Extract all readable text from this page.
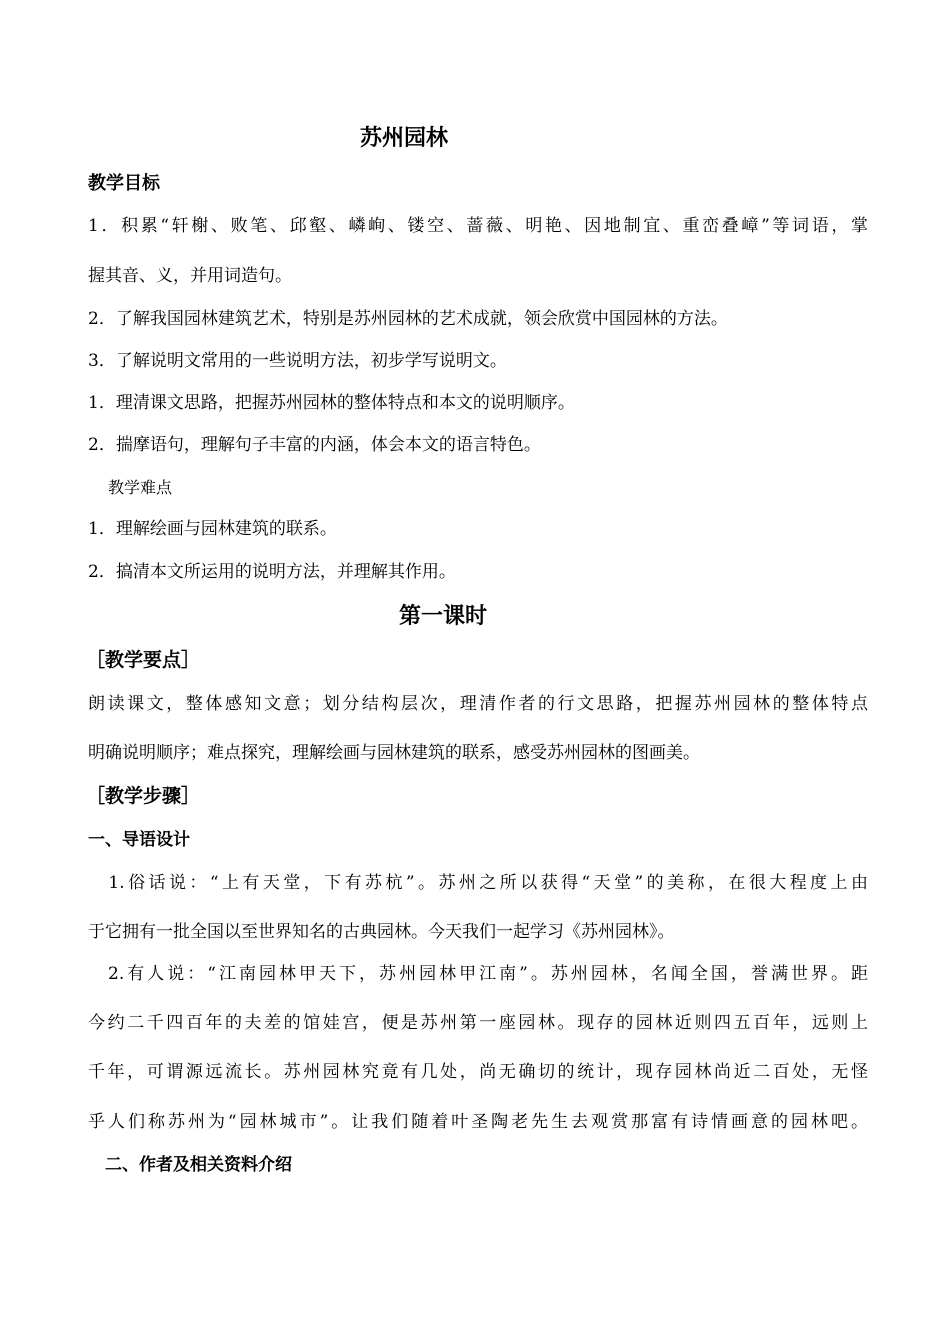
苏州园林
教学目标
1．积累“轩榭、败笔、邱壑、嶙峋、镂空、蔷薇、明艳、因地制宜、重峦叠嶂”等词语，掌
握其音、义，并用词造句。
2．了解我国园林建筑艺术，特别是苏州园林的艺术成就，领会欣赏中国园林的方法。
3．了解说明文常用的一些说明方法，初步学写说明文。
1．理清课文思路，把握苏州园林的整体特点和本文的说明顺序。
2．揣摩语句，理解句子丰富的内涵，体会本文的语言特色。
教学难点
1．理解绘画与园林建筑的联系。
2．搞清本文所运用的说明方法，并理解其作用。
第一课时
［教学要点］
朗读课文，整体感知文意；划分结构层次，理清作者的行文思路，把握苏州园林的整体特点
明确说明顺序；难点探究，理解绘画与园林建筑的联系，感受苏州园林的图画美。
［教学步骤］
一、导语设计
　1.俗话说：“上有天堂，下有苏杭”。苏州之所以获得“天堂”的美称，在很大程度上由
于它拥有一批全国以至世界知名的古典园林。今天我们一起学习《苏州园林》。
　2.有人说：“江南园林甲天下，苏州园林甲江南”。苏州园林，名闻全国，誉满世界。距
今约二千四百年的夫差的馆娃宫，便是苏州第一座园林。现存的园林近则四五百年，远则上
千年，可谓源远流长。苏州园林究竟有几处，尚无确切的统计，现存园林尚近二百处，无怪
乎人们称苏州为“园林城市”。让我们随着叶圣陶老先生去观赏那富有诗情画意的园林吧。
　二、作者及相关资料介绍
